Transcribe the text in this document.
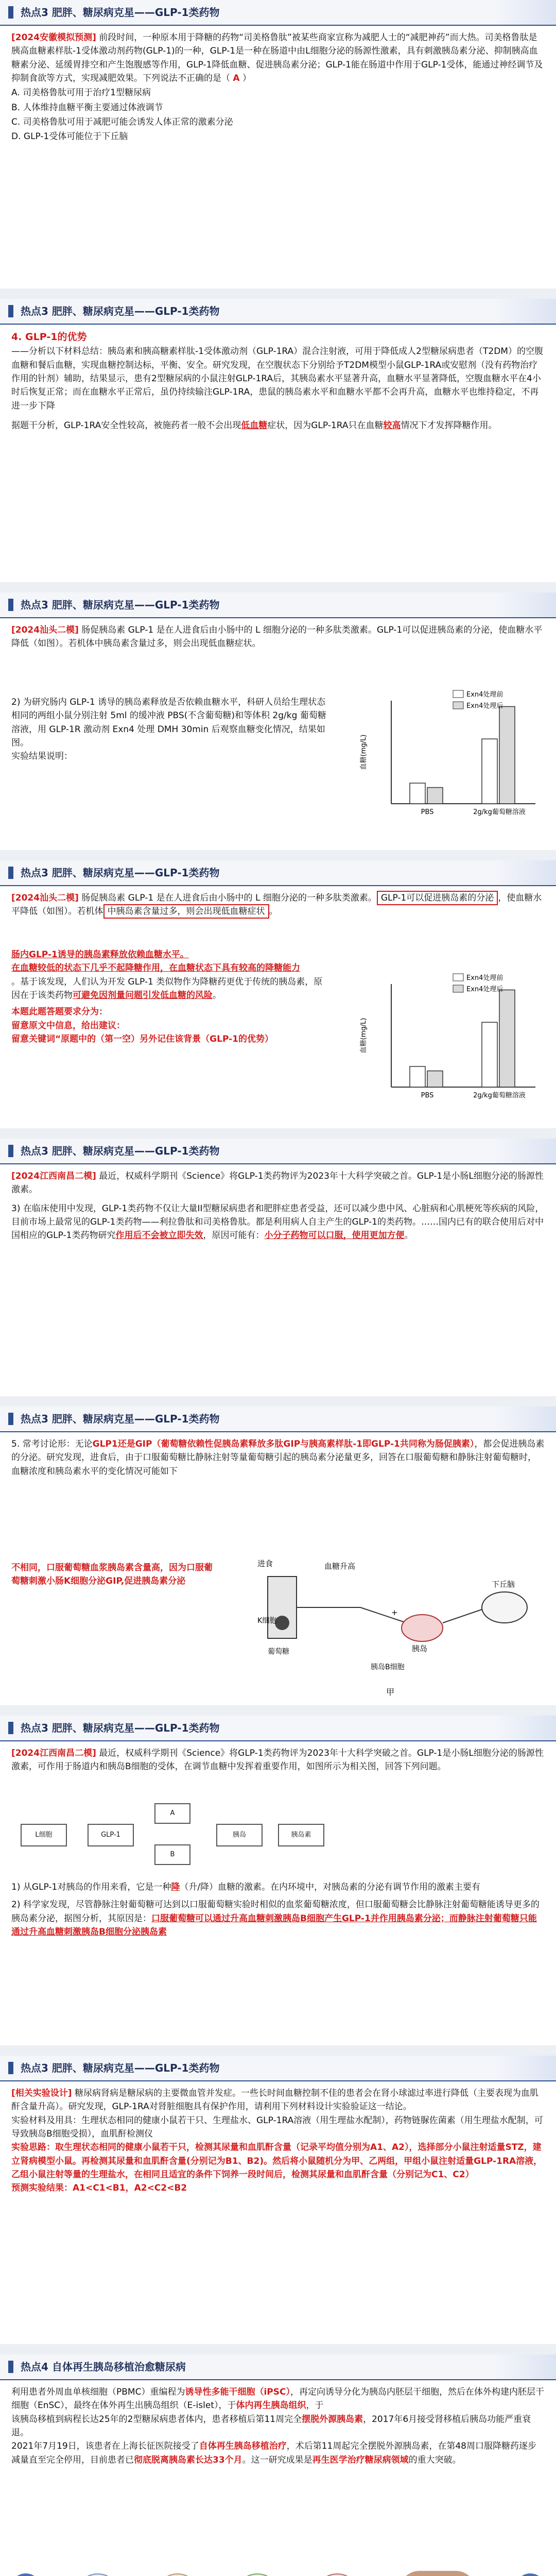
热点3 肥胖、糖尿病克星——GLP-1类药物
[2024安徽模拟预测] 前段时间，一种原本用于降糖的药物“司美格鲁肽”被某些商家宣称为减肥人士的“减肥神药”而大热。司美格鲁肽是胰高血糖素样肽-1受体激动剂药物(GLP-1)的一种，GLP-1是一种在肠道中由L细胞分泌的肠源性激素，具有刺激胰岛素分泌、抑制胰高血糖素分泌、延缓胃排空和产生饱腹感等作用，GLP-1降低血糖、促进胰岛素分泌；GLP-1能在肠道中作用于GLP-1受体，能通过神经调节及抑制食欲等方式，实现减肥效果。下列说法不正确的是（ A ）
A. 司美格鲁肽可用于治疗1型糖尿病
B. 人体维持血糖平衡主要通过体液调节
C. 司美格鲁肽可用于减肥可能会诱发人体正常的激素分泌
D. GLP-1受体可能位于下丘脑
热点3 肥胖、糖尿病克星——GLP-1类药物
4. GLP-1的优势
——分析以下材料总结：胰岛素和胰高糖素样肽-1受体激动剂（GLP-1RA）混合注射液，可用于降低成人2型糖尿病患者（T2DM）的空腹血糖和餐后血糖，实现血糖控制达标，平衡、安全。研究发现，在空腹状态下分别给予T2DM模型小鼠GLP-1RA或安慰剂（没有药物治疗作用的针剂）辅助，结果显示，患有2型糖尿病的小鼠注射GLP-1RA后，其胰岛素水平显著升高，血糖水平显著降低，空腹血糖水平在4小时后恢复正常；而在血糖水平正常后，虽仍持续输注GLP-1RA，患鼠的胰岛素水平和血糖水平都不会再升高，血糖水平也维持稳定，不再进一步下降
据题干分析，GLP-1RA安全性较高，被施药者一般不会出现低血糖症状，因为GLP-1RA只在血糖较高情况下才发挥降糖作用。
热点3 肥胖、糖尿病克星——GLP-1类药物
[2024汕头二模] 肠促胰岛素 GLP-1 是在人进食后由小肠中的 L 细胞分泌的一种多肽类激素。GLP-1可以促进胰岛素的分泌，使血糖水平降低（如图）。若机体中胰岛素含量过多，则会出现低血糖症状。
2) 为研究肠内 GLP-1 诱导的胰岛素释放是否依赖血糖水平，科研人员给生理状态相同的两组小鼠分别注射 5ml 的缓冲液 PBS(不含葡萄糖)和等体积 2g/kg 葡萄糖溶液，用 GLP-1R 激动剂 Exn4 处理 DMH 30min 后观察血糖变化情况，结果如图。
实验结果说明：	血糖(mg/L)
PBS	2g/kg葡萄糖溶液
Exn4处理前
Exn4处理后
热点3 肥胖、糖尿病克星——GLP-1类药物
[2024汕头二模] 肠促胰岛素 GLP-1 是在人进食后由小肠中的 L 细胞分泌的一种多肽类激素。 GLP-1可以促进胰岛素的分泌 ，使血糖水平降低（如图）。若机体 中胰岛素含量过多，则会出现低血糖症状 。
肠内GLP-1诱导的胰岛素释放依赖血糖水平。
在血糖较低的状态下几乎不起降糖作用，在血糖状态下具有较高的降糖能力
。基于该发现，人们认为开发 GLP-1 类似物作为降糖药更优于传统的胰岛素，原因在于该类药物可避免因剂量问题引发低血糖的风险。
本题此题答题要求分为：
留意原文中信息，给出建议：
留意关键词“原题中的（第一空）另外记住该背景（GLP-1的优势）	血糖(mg/L)
PBS	2g/kg葡萄糖溶液
Exn4处理前
Exn4处理后
热点3 肥胖、糖尿病克星——GLP-1类药物
[2024江西南昌二模] 最近，权威科学期刊《Science》将GLP-1类药物评为2023年十大科学突破之首。GLP-1是小肠L细胞分泌的肠源性激素。
3) 在临床使用中发现，GLP-1类药物不仅让大量II型糖尿病患者和肥胖症患者受益，还可以减少患中风、心脏病和心肌梗死等疾病的风险，目前市场上最常见的GLP-1类药物——利拉鲁肽和司美格鲁肽。都是利用病人自主产生的GLP-1的类药物。……国内已有的联合使用后对中国相应的GLP-1类药物研究作用后不会被立即失效，原因可能有：小分子药物可以口服，使用更加方便。
热点3 肥胖、糖尿病克星——GLP-1类药物
5. 常考讨论形：无论GLP1还是GIP（葡萄糖依赖性促胰岛素释放多肽GIP与胰高素样肽-1即GLP-1共同称为肠促胰素），都会促进胰岛素的分泌。研究发现，进食后，由于口服葡萄糖比静脉注射等量葡萄糖引起的胰岛素分泌量更多，回答在口服葡萄糖和静脉注射葡萄糖时，血糖浓度和胰岛素水平的变化情况可能如下
不相同，口服葡萄糖血浆胰岛素含量高，因为口服葡萄糖刺激小肠K细胞分泌GIP,促进胰岛素分泌
进食
葡萄糖
K细胞
血糖升高
胰岛
+
下丘脑
胰岛B细胞
甲
热点3 肥胖、糖尿病克星——GLP-1类药物
[2024江西南昌二模] 最近，权威科学期刊《Science》将GLP-1类药物评为2023年十大科学突破之首。GLP-1是小肠L细胞分泌的肠源性激素，可作用于肠道内和胰岛B细胞的受体，在调节血糖中发挥着重要作用，如图所示为相关图，回答下列问题。
L细胞	GLP-1
A
B
胰岛	胰岛素
1) 从GLP-1对胰岛的作用来看，它是一种降（升/降）血糖的激素。在内环境中，对胰岛素的分泌有调节作用的激素主要有
2) 科学家发现，尽管静脉注射葡萄糖可达到以口服葡萄糖实验时相似的血浆葡萄糖浓度，但口服葡萄糖会比静脉注射葡萄糖能诱导更多的胰岛素分泌，据图分析，其原因是：口服葡萄糖可以通过升高血糖刺激胰岛B细胞产生GLP-1并作用胰岛素分泌；而静脉注射葡萄糖只能通过升高血糖刺激胰岛B细胞分泌胰岛素
热点3 肥胖、糖尿病克星——GLP-1类药物
[相关实验设计] 糖尿病肾病是糖尿病的主要微血管并发症。一些长时间血糖控制不佳的患者会在肾小球滤过率进行降低（主要表现为血肌酐含量升高）。研究发现，GLP-1RA对肾脏细胞具有保护作用，请利用下列材料设计实验验证这一结论。
实验材料及用具：生理状态相同的健康小鼠若干只、生理盐水、GLP-1RA溶液（用生理盐水配制），药物链脲佐菌素（用生理盐水配制，可导致胰岛B细胞受损），血肌酐检测仪
实验思路：取生理状态相同的健康小鼠若干只，检测其尿量和血肌酐含量（记录平均值分别为A1、A2），选择部分小鼠注射适量STZ，建立肾病模型小鼠。再检测其尿量和血肌酐含量(分别记为B1、B2)。然后将小鼠随机分为甲、乙两组，甲组小鼠注射适量GLP-1RA溶液，乙组小鼠注射等量的生理盐水，在相同且适宜的条件下饲养一段时间后，检测其尿量和血肌酐含量（分别记为C1、C2）
预测实验结果：A1<C1<B1，A2<C2<B2
热点4 自体再生胰岛移植治愈糖尿病
利用患者外周血单核细胞（PBMC）重编程为诱导性多能干细胞（iPSC），再定向诱导分化为胰岛内胚层干细胞，然后在体外构建内胚层干细胞（EnSC），最终在体外再生出胰岛组织（E-islet），于体内再生胰岛组织，于
该胰岛移植到病程长达25年的2型糖尿病患者体内，患者移植后第11周完全摆脱外源胰岛素，2017年6月接受肾移植后胰岛功能严重衰退。
2021年7月19日，该患者在上海长征医院接受了自体再生胰岛移植治疗，术后第11周起完全摆脱外源胰岛素，在第48周口服降糖药逐步减量直至完全停用，目前患者已彻底脱离胰岛素长达33个月。这一研究成果是再生医学治疗糖尿病领域的重大突破。
